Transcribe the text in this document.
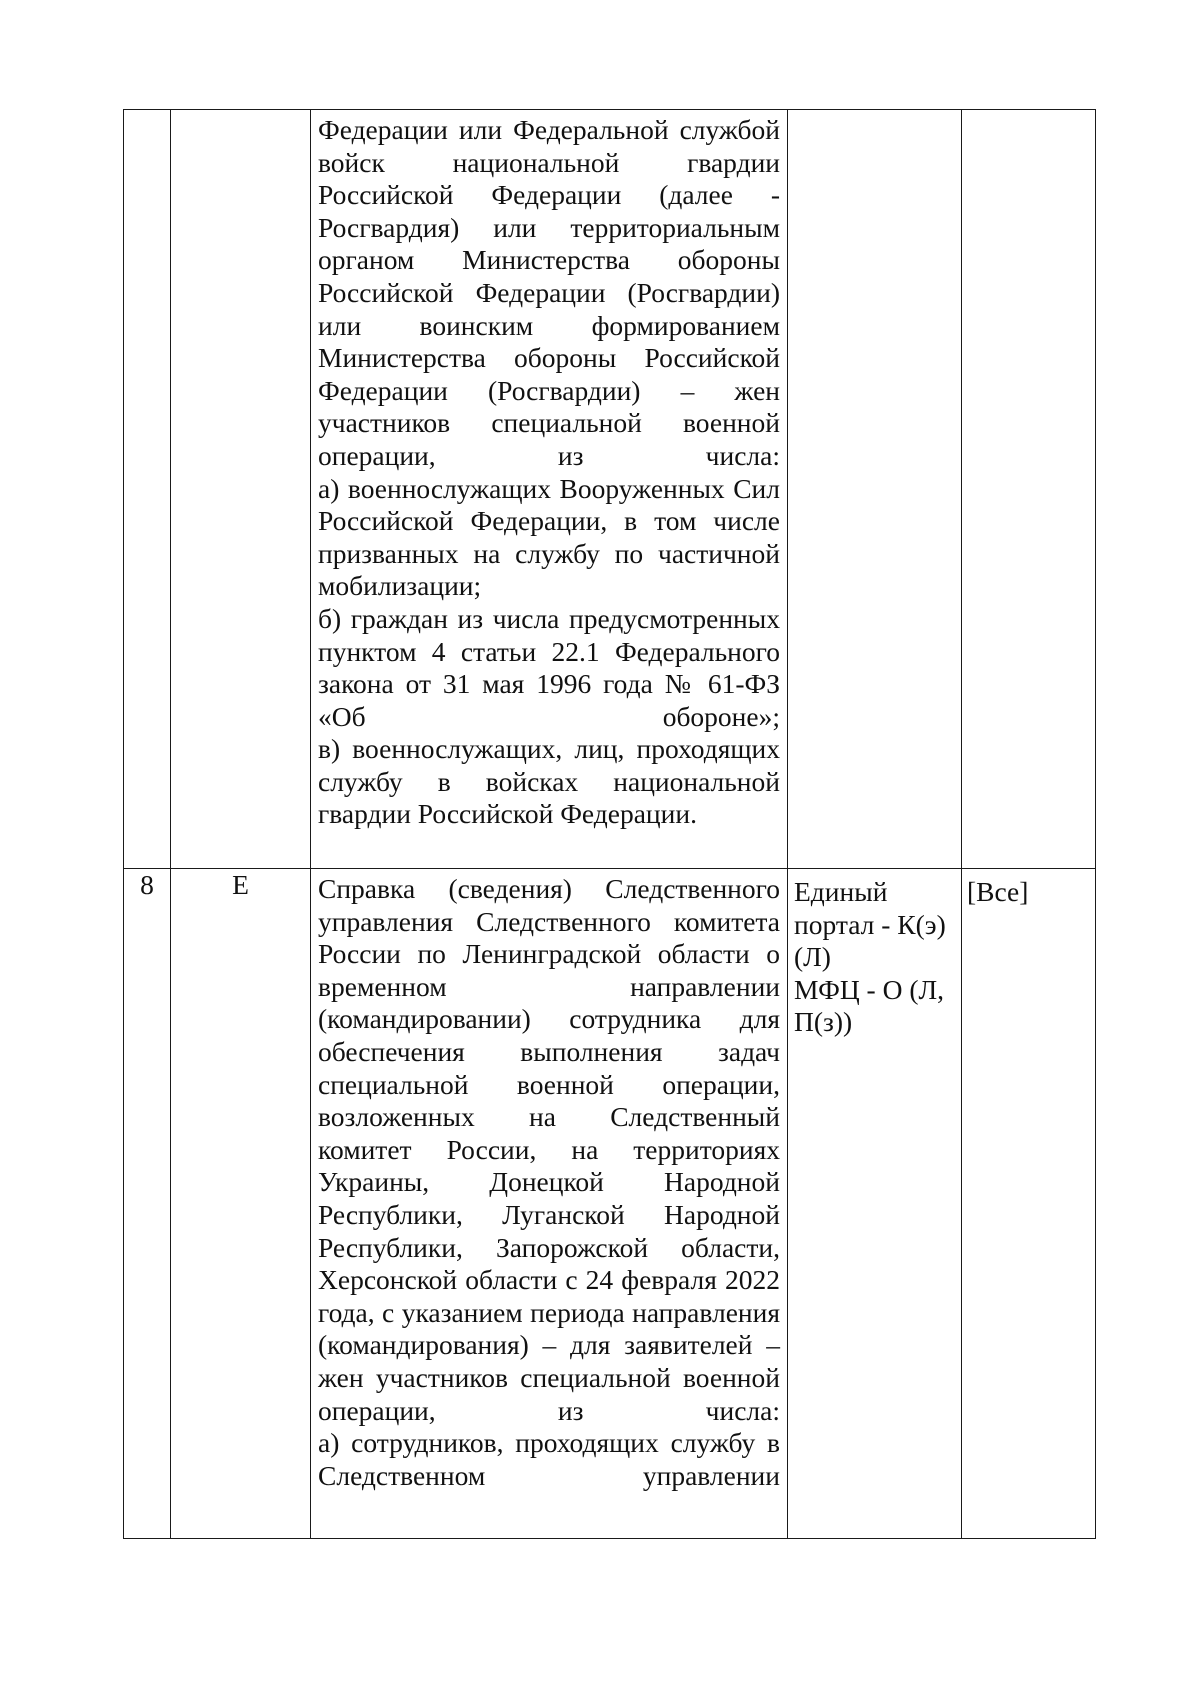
		Федерации или Федеральной службой войск национальной гвардии Российской Федерации (далее - Росгвардия) или территориальным органом Министерства обороны Российской Федерации (Росгвардии) или воинским формированием Министерства обороны Российской Федерации (Росгвардии) – жен участников специальной военной операции, из числа:
а) военнослужащих Вооруженных Сил Российской Федерации, в том числе призванных на службу по частичной мобилизации;
б) граждан из числа предусмотренных пунктом 4 статьи 22.1 Федерального закона от 31 мая 1996 года № 61-ФЗ «Об обороне»;
в) военнослужащих, лиц, проходящих службу в войсках национальной гвардии Российской Федерации.		

8	Е	Справка (сведения) Следственного управления Следственного комитета России по Ленинградской области о временном направлении (командировании) сотрудника для обеспечения выполнения задач специальной военной операции, возложенных на Следственный комитет России, на территориях Украины, Донецкой Народной Республики, Луганской Народной Республики, Запорожской области, Херсонской области с 24 февраля 2022 года, с указанием периода направления (командирования) – для заявителей – жен участников специальной военной операции, из числа:
а) сотрудников, проходящих службу в Следственном управлении	Единый портал - К(э) (Л)
МФЦ - О (Л, П(з))	[Все]
